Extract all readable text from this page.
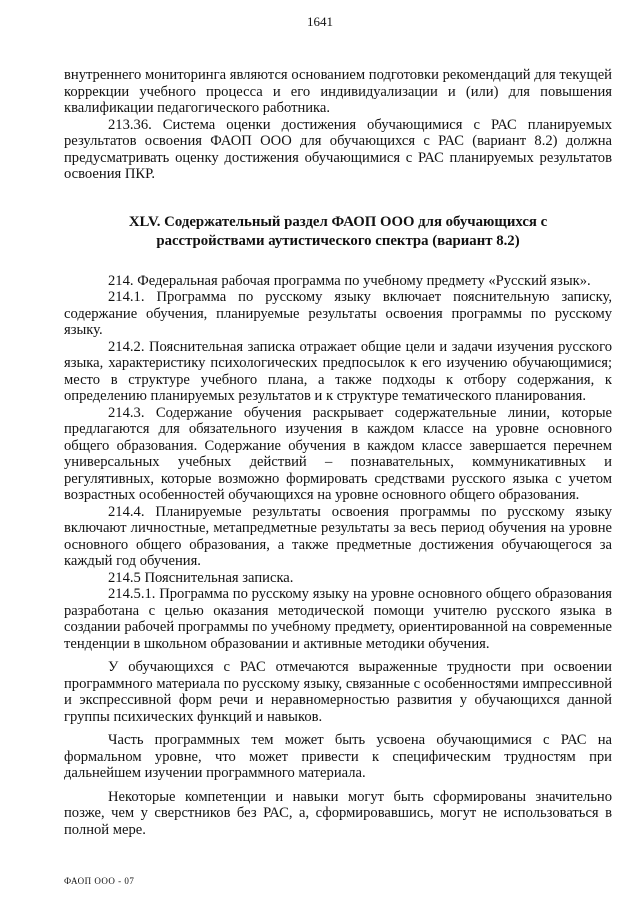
1641

внутреннего мониторинга являются основанием подготовки рекомендаций для текущей коррекции учебного процесса и его индивидуализации и (или) для повышения квалификации педагогического работника.

213.36. Система оценки достижения обучающимися с РАС планируемых результатов освоения ФАОП ООО для обучающихся с РАС (вариант 8.2) должна предусматривать оценку достижения обучающимися с РАС планируемых результатов освоения ПКР.

XLV. Содержательный раздел ФАОП ООО для обучающихся с
расстройствами аутистического спектра (вариант 8.2)

214. Федеральная рабочая программа по учебному предмету «Русский язык».

214.1. Программа по русскому языку включает пояснительную записку, содержание обучения, планируемые результаты освоения программы по русскому языку.

214.2. Пояснительная записка отражает общие цели и задачи изучения русского языка, характеристику психологических предпосылок к его изучению обучающимися; место в структуре учебного плана, а также подходы к отбору содержания, к определению планируемых результатов и к структуре тематического планирования.

214.3. Содержание обучения раскрывает содержательные линии, которые предлагаются для обязательного изучения в каждом классе на уровне основного общего образования. Содержание обучения в каждом классе завершается перечнем универсальных учебных действий – познавательных, коммуникативных и регулятивных, которые возможно формировать средствами русского языка с учетом возрастных особенностей обучающихся на уровне основного общего образования.

214.4. Планируемые результаты освоения программы по русскому языку включают личностные, метапредметные результаты за весь период обучения на уровне основного общего образования, а также предметные достижения обучающегося за каждый год обучения.

214.5 Пояснительная записка.

214.5.1. Программа по русскому языку на уровне основного общего образования разработана с целью оказания методической помощи учителю русского языка в создании рабочей программы по учебному предмету, ориентированной на современные тенденции в школьном образовании и активные методики обучения.

У обучающихся с РАС отмечаются выраженные трудности при освоении программного материала по русскому языку, связанные с особенностями импрессивной и экспрессивной форм речи и неравномерностью развития у обучающихся данной группы психических функций и навыков.

Часть программных тем может быть усвоена обучающимися с РАС на формальном уровне, что может привести к специфическим трудностям при дальнейшем изучении программного материала.

Некоторые компетенции и навыки могут быть сформированы значительно позже, чем у сверстников без РАС, а, сформировавшись, могут не использоваться в полной мере.

ФАОП ООО - 07
